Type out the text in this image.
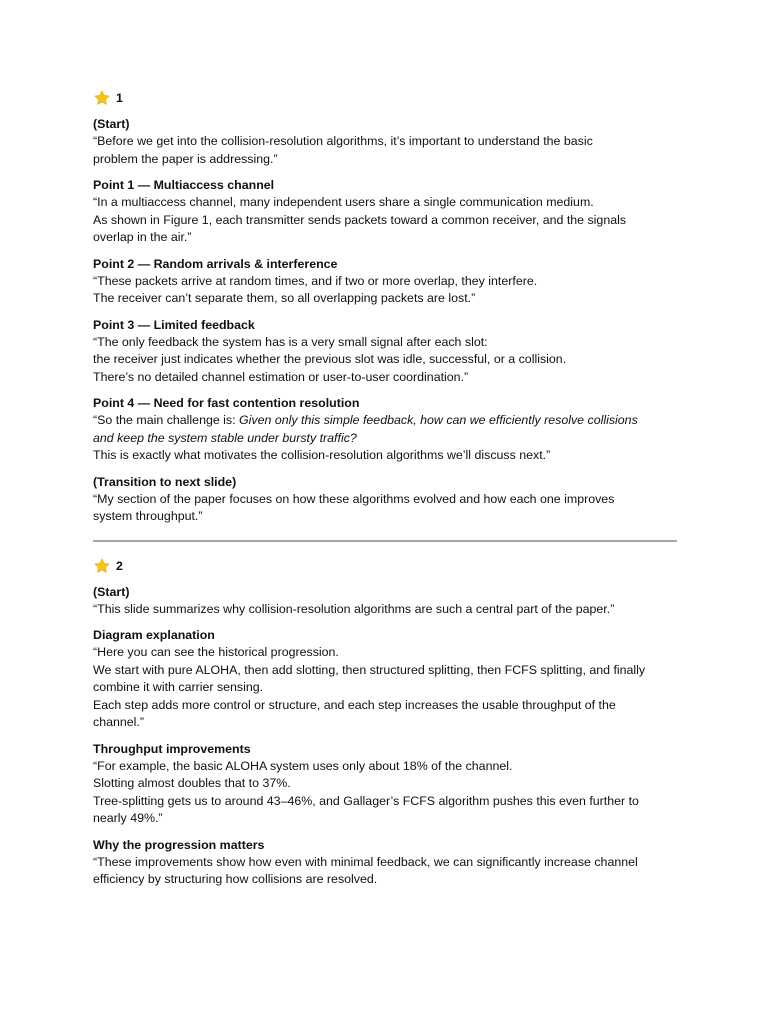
1
(Start)
“Before we get into the collision-resolution algorithms, it’s important to understand the basic
problem the paper is addressing.”
Point 1 — Multiaccess channel
“In a multiaccess channel, many independent users share a single communication medium.
As shown in Figure 1, each transmitter sends packets toward a common receiver, and the signals
overlap in the air.”
Point 2 — Random arrivals & interference
“These packets arrive at random times, and if two or more overlap, they interfere.
The receiver can’t separate them, so all overlapping packets are lost.”
Point 3 — Limited feedback
“The only feedback the system has is a very small signal after each slot:
the receiver just indicates whether the previous slot was idle, successful, or a collision.
There’s no detailed channel estimation or user-to-user coordination.”
Point 4 — Need for fast contention resolution
“So the main challenge is: Given only this simple feedback, how can we efficiently resolve collisions
and keep the system stable under bursty traffic?
This is exactly what motivates the collision-resolution algorithms we’ll discuss next.”
(Transition to next slide)
“My section of the paper focuses on how these algorithms evolved and how each one improves
system throughput.”
2
(Start)
“This slide summarizes why collision-resolution algorithms are such a central part of the paper.”
Diagram explanation
“Here you can see the historical progression.
We start with pure ALOHA, then add slotting, then structured splitting, then FCFS splitting, and finally
combine it with carrier sensing.
Each step adds more control or structure, and each step increases the usable throughput of the
channel.”
Throughput improvements
“For example, the basic ALOHA system uses only about 18% of the channel.
Slotting almost doubles that to 37%.
Tree-splitting gets us to around 43–46%, and Gallager’s FCFS algorithm pushes this even further to
nearly 49%.”
Why the progression matters
“These improvements show how even with minimal feedback, we can significantly increase channel
efficiency by structuring how collisions are resolved.
